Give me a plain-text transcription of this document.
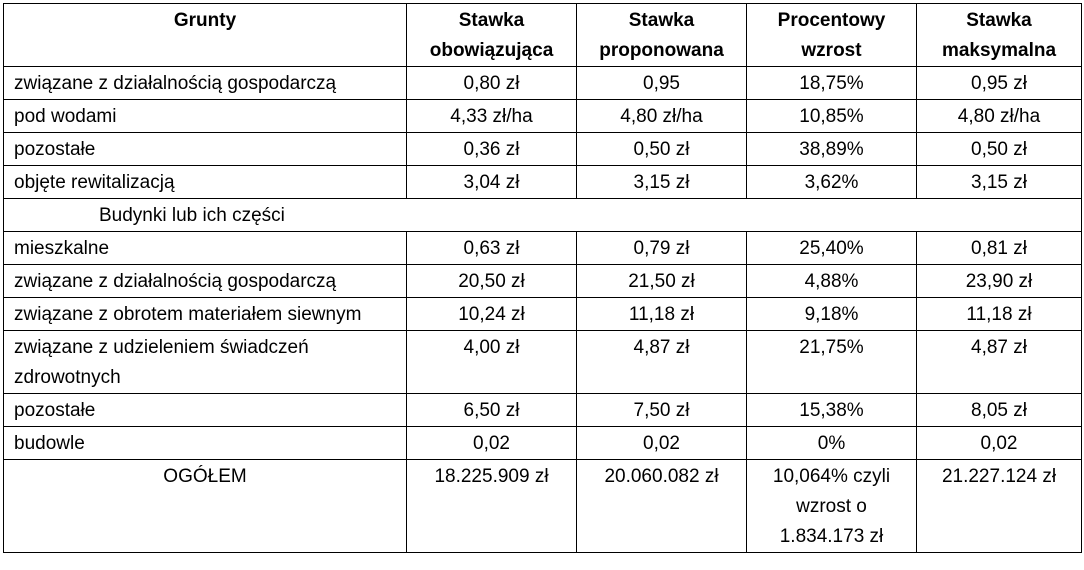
Grunty	Stawka obowiązująca	Stawka proponowana	Procentowy wzrost	Stawka maksymalna
związane z działalnością gospodarczą	0,80 zł	0,95	18,75%	0,95 zł
pod wodami	4,33 zł/ha	4,80 zł/ha	10,85%	4,80 zł/ha
pozostałe	0,36 zł	0,50 zł	38,89%	0,50 zł
objęte rewitalizacją	3,04 zł	3,15 zł	3,62%	3,15 zł
Budynki lub ich części				
mieszkalne	0,63 zł	0,79 zł	25,40%	0,81 zł
związane z działalnością gospodarczą	20,50 zł	21,50 zł	4,88%	23,90 zł
związane z obrotem materiałem siewnym	10,24 zł	11,18 zł	9,18%	11,18 zł
związane z udzieleniem świadczeń zdrowotnych	4,00 zł	4,87 zł	21,75%	4,87 zł
pozostałe	6,50 zł	7,50 zł	15,38%	8,05 zł
budowle	0,02	0,02	0%	0,02
OGÓŁEM	18.225.909 zł	20.060.082 zł	10,064% czyli wzrost o 1.834.173 zł	21.227.124 zł
